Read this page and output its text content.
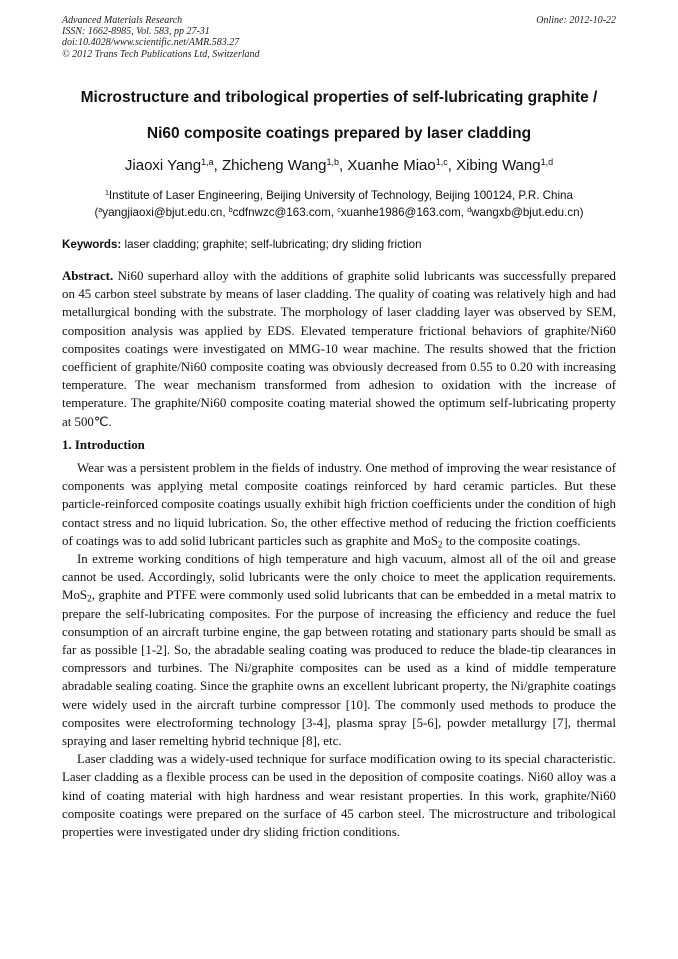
Advanced Materials Research
ISSN: 1662-8985, Vol. 583, pp 27-31
doi:10.4028/www.scientific.net/AMR.583.27
© 2012 Trans Tech Publications Ltd, Switzerland
Online: 2012-10-22
Microstructure and tribological properties of self-lubricating graphite /
Ni60 composite coatings prepared by laser cladding
Jiaoxi Yang$^{1,a}$, Zhicheng Wang$^{1,b}$, Xuanhe Miao$^{1,c}$, Xibing Wang$^{1,d}$
$^1$Institute of Laser Engineering, Beijing University of Technology, Beijing 100124, P.R. China
($^a$yangjiaoxi@bjut.edu.cn, $^b$cdfnwzc@163.com, $^c$xuanhe1986@163.com, $^d$wangxb@bjut.edu.cn)
Keywords: laser cladding; graphite; self-lubricating; dry sliding friction
Abstract. Ni60 superhard alloy with the additions of graphite solid lubricants was successfully prepared on 45 carbon steel substrate by means of laser cladding. The quality of coating was relatively high and had metallurgical bonding with the substrate. The morphology of laser cladding layer was observed by SEM, composition analysis was applied by EDS. Elevated temperature frictional behaviors of graphite/Ni60 composites coatings were investigated on MMG-10 wear machine. The results showed that the friction coefficient of graphite/Ni60 composite coating was obviously decreased from 0.55 to 0.20 with increasing temperature. The wear mechanism transformed from adhesion to oxidation with the increase of temperature. The graphite/Ni60 composite coating material showed the optimum self-lubricating property at 500℃.
1. Introduction

Wear was a persistent problem in the fields of industry. One method of improving the wear resistance of components was applying metal composite coatings reinforced by hard ceramic particles. But these particle-reinforced composite coatings usually exhibit high friction coefficients under the condition of high contact stress and no liquid lubrication. So, the other effective method of reducing the friction coefficients of coatings was to add solid lubricant particles such as graphite and MoS$_2$ to the composite coatings.

In extreme working conditions of high temperature and high vacuum, almost all of the oil and grease cannot be used. Accordingly, solid lubricants were the only choice to meet the application requirements. MoS$_2$, graphite and PTFE were commonly used solid lubricants that can be embedded in a metal matrix to prepare the self-lubricating composites. For the purpose of increasing the efficiency and reduce the fuel consumption of an aircraft turbine engine, the gap between rotating and stationary parts should be small as far as possible [1-2]. So, the abradable sealing coating was produced to reduce the blade-tip clearances in compressors and turbines. The Ni/graphite composites can be used as a kind of middle temperature abradable sealing coating. Since the graphite owns an excellent lubricant property, the Ni/graphite coatings were widely used in the aircraft turbine compressor [10]. The commonly used methods to produce the composites were electroforming technology [3-4], plasma spray [5-6], powder metallurgy [7], thermal spraying and laser remelting hybrid technique [8], etc.

Laser cladding was a widely-used technique for surface modification owing to its special characteristic. Laser cladding as a flexible process can be used in the deposition of composite coatings. Ni60 alloy was a kind of coating material with high hardness and wear resistant properties. In this work, graphite/Ni60 composite coatings were prepared on the surface of 45 carbon steel. The microstructure and tribological properties were investigated under dry sliding friction conditions.
